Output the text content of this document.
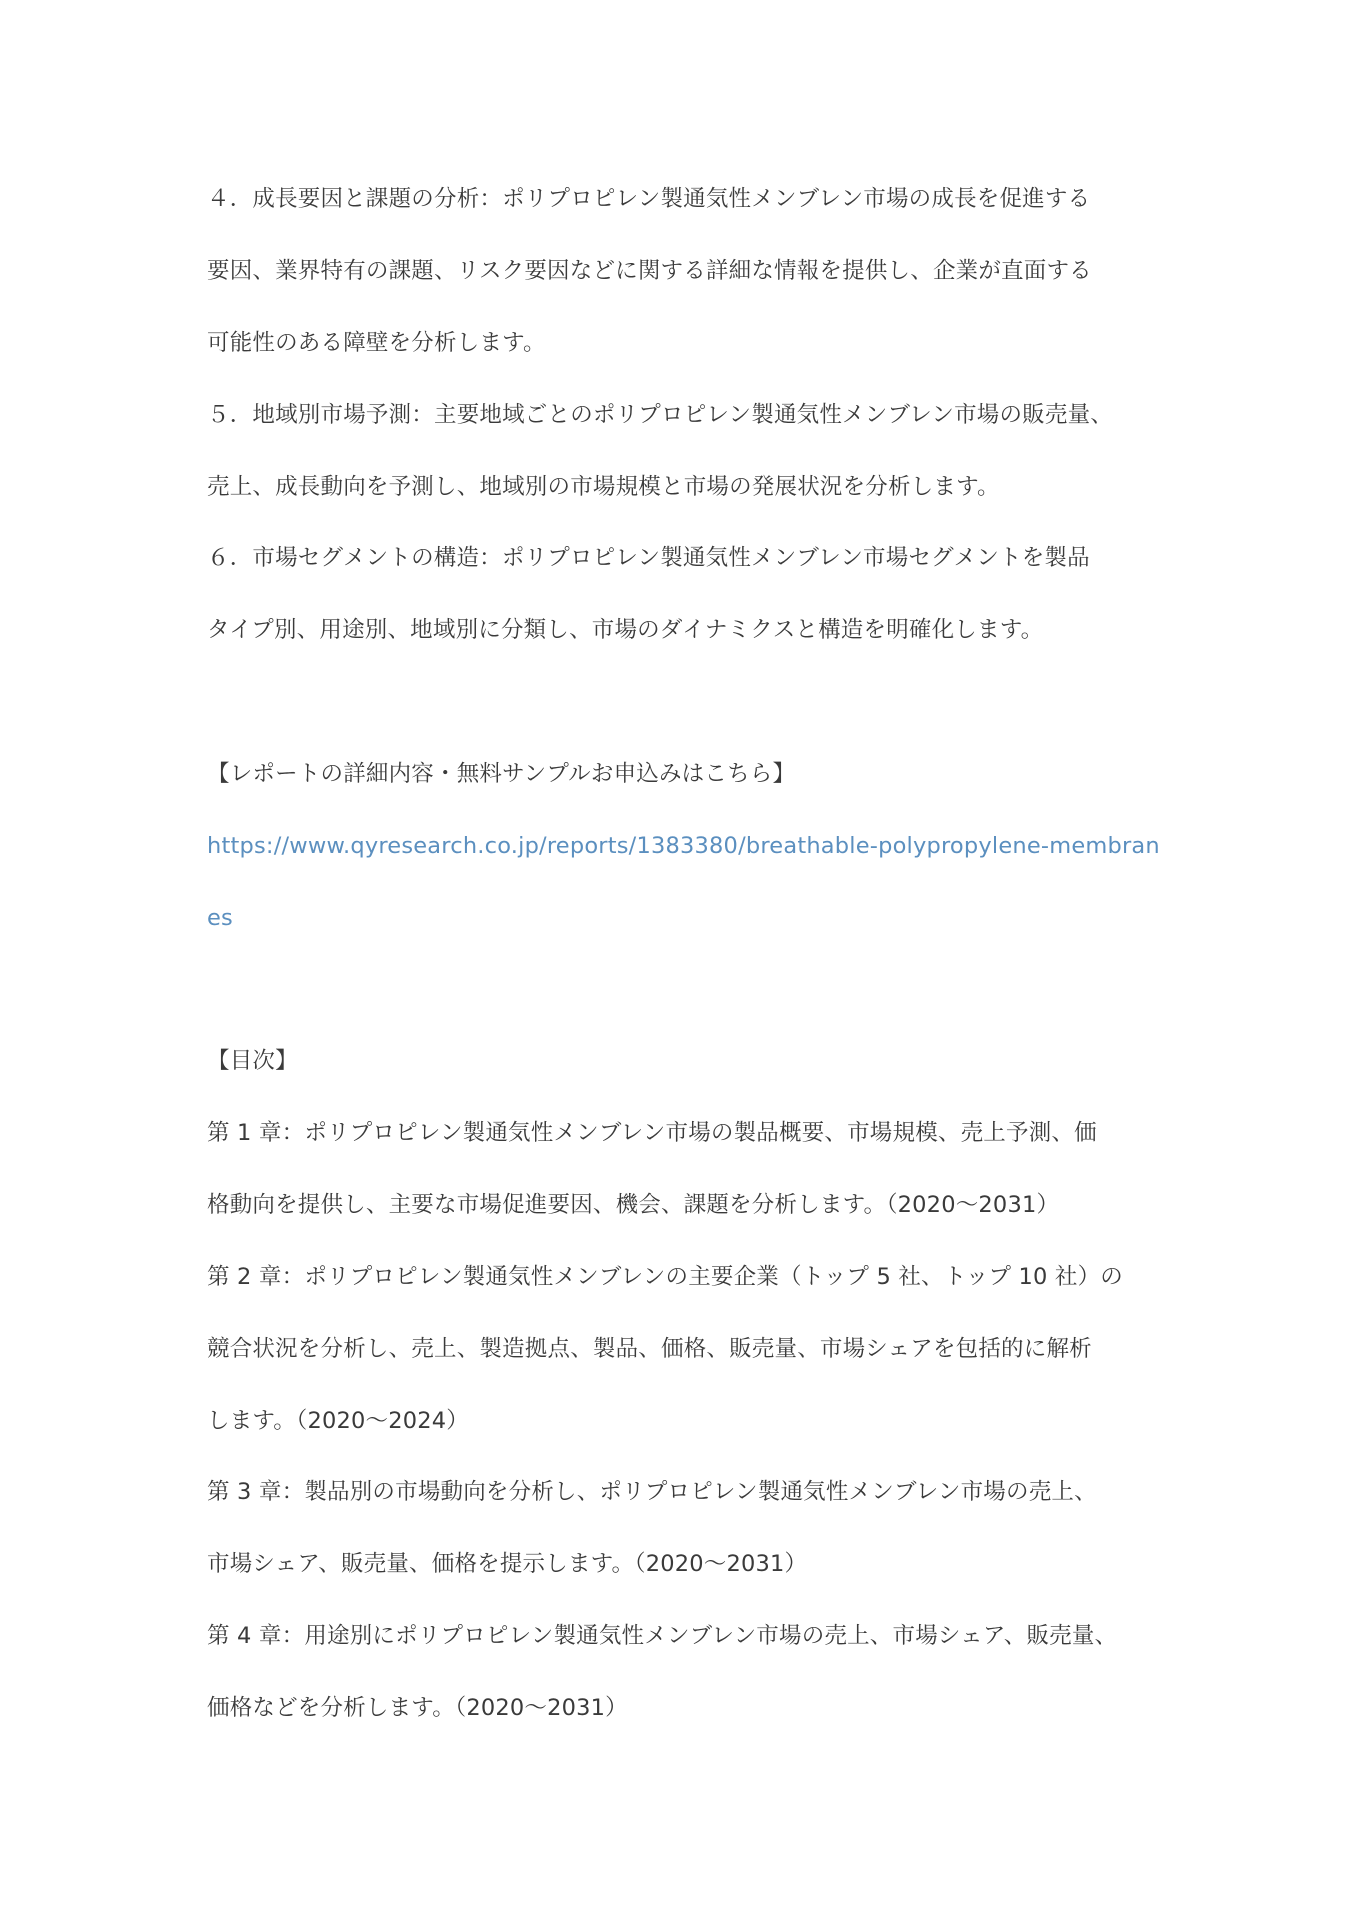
４．成長要因と課題の分析：ポリプロピレン製通気性メンブレン市場の成長を促進する
要因、業界特有の課題、リスク要因などに関する詳細な情報を提供し、企業が直面する
可能性のある障壁を分析します。
５．地域別市場予測：主要地域ごとのポリプロピレン製通気性メンブレン市場の販売量、
売上、成長動向を予測し、地域別の市場規模と市場の発展状況を分析します。
６．市場セグメントの構造：ポリプロピレン製通気性メンブレン市場セグメントを製品
タイプ別、用途別、地域別に分類し、市場のダイナミクスと構造を明確化します。
【レポートの詳細内容・無料サンプルお申込みはこちら】
https://www.qyresearch.co.jp/reports/1383380/breathable-polypropylene-membran
es
【目次】
第 1 章：ポリプロピレン製通気性メンブレン市場の製品概要、市場規模、売上予測、価
格動向を提供し、主要な市場促進要因、機会、課題を分析します。（2020～2031）
第 2 章：ポリプロピレン製通気性メンブレンの主要企業（トップ 5 社、トップ 10 社）の
競合状況を分析し、売上、製造拠点、製品、価格、販売量、市場シェアを包括的に解析
します。（2020～2024）
第 3 章：製品別の市場動向を分析し、ポリプロピレン製通気性メンブレン市場の売上、
市場シェア、販売量、価格を提示します。（2020～2031）
第 4 章：用途別にポリプロピレン製通気性メンブレン市場の売上、市場シェア、販売量、
価格などを分析します。（2020～2031）
